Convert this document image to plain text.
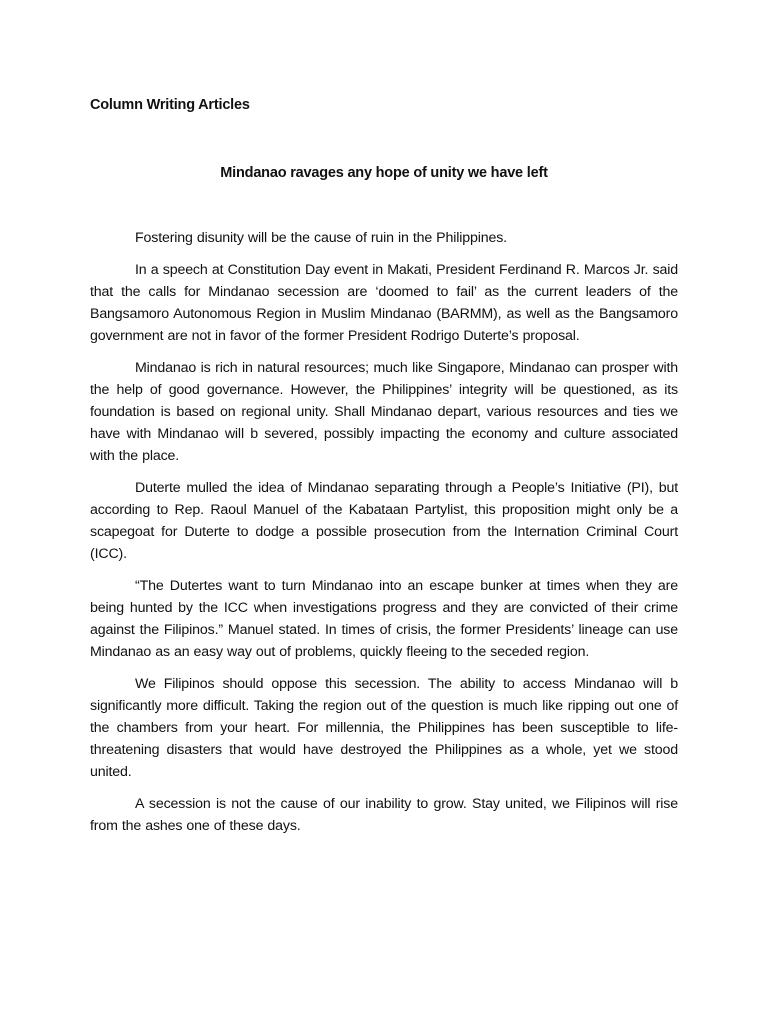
Column Writing Articles
Mindanao ravages any hope of unity we have left

Fostering disunity will be the cause of ruin in the Philippines.

In a speech at Constitution Day event in Makati, President Ferdinand R. Marcos Jr. said that the calls for Mindanao secession are ‘doomed to fail’ as the current leaders of the Bangsamoro Autonomous Region in Muslim Mindanao (BARMM), as well as the Bangsamoro government are not in favor of the former President Rodrigo Duterte’s proposal.

Mindanao is rich in natural resources; much like Singapore, Mindanao can prosper with the help of good governance. However, the Philippines’ integrity will be questioned, as its foundation is based on regional unity. Shall Mindanao depart, various resources and ties we have with Mindanao will b severed, possibly impacting the economy and culture associated with the place.

Duterte mulled the idea of Mindanao separating through a People’s Initiative (PI), but according to Rep. Raoul Manuel of the Kabataan Partylist, this proposition might only be a scapegoat for Duterte to dodge a possible prosecution from the Internation Criminal Court (ICC).

“The Dutertes want to turn Mindanao into an escape bunker at times when they are being hunted by the ICC when investigations progress and they are convicted of their crime against the Filipinos.” Manuel stated. In times of crisis, the former Presidents’ lineage can use Mindanao as an easy way out of problems, quickly fleeing to the seceded region.

We Filipinos should oppose this secession. The ability to access Mindanao will b significantly more difficult. Taking the region out of the question is much like ripping out one of the chambers from your heart. For millennia, the Philippines has been susceptible to life-threatening disasters that would have destroyed the Philippines as a whole, yet we stood united.

A secession is not the cause of our inability to grow. Stay united, we Filipinos will rise from the ashes one of these days.
